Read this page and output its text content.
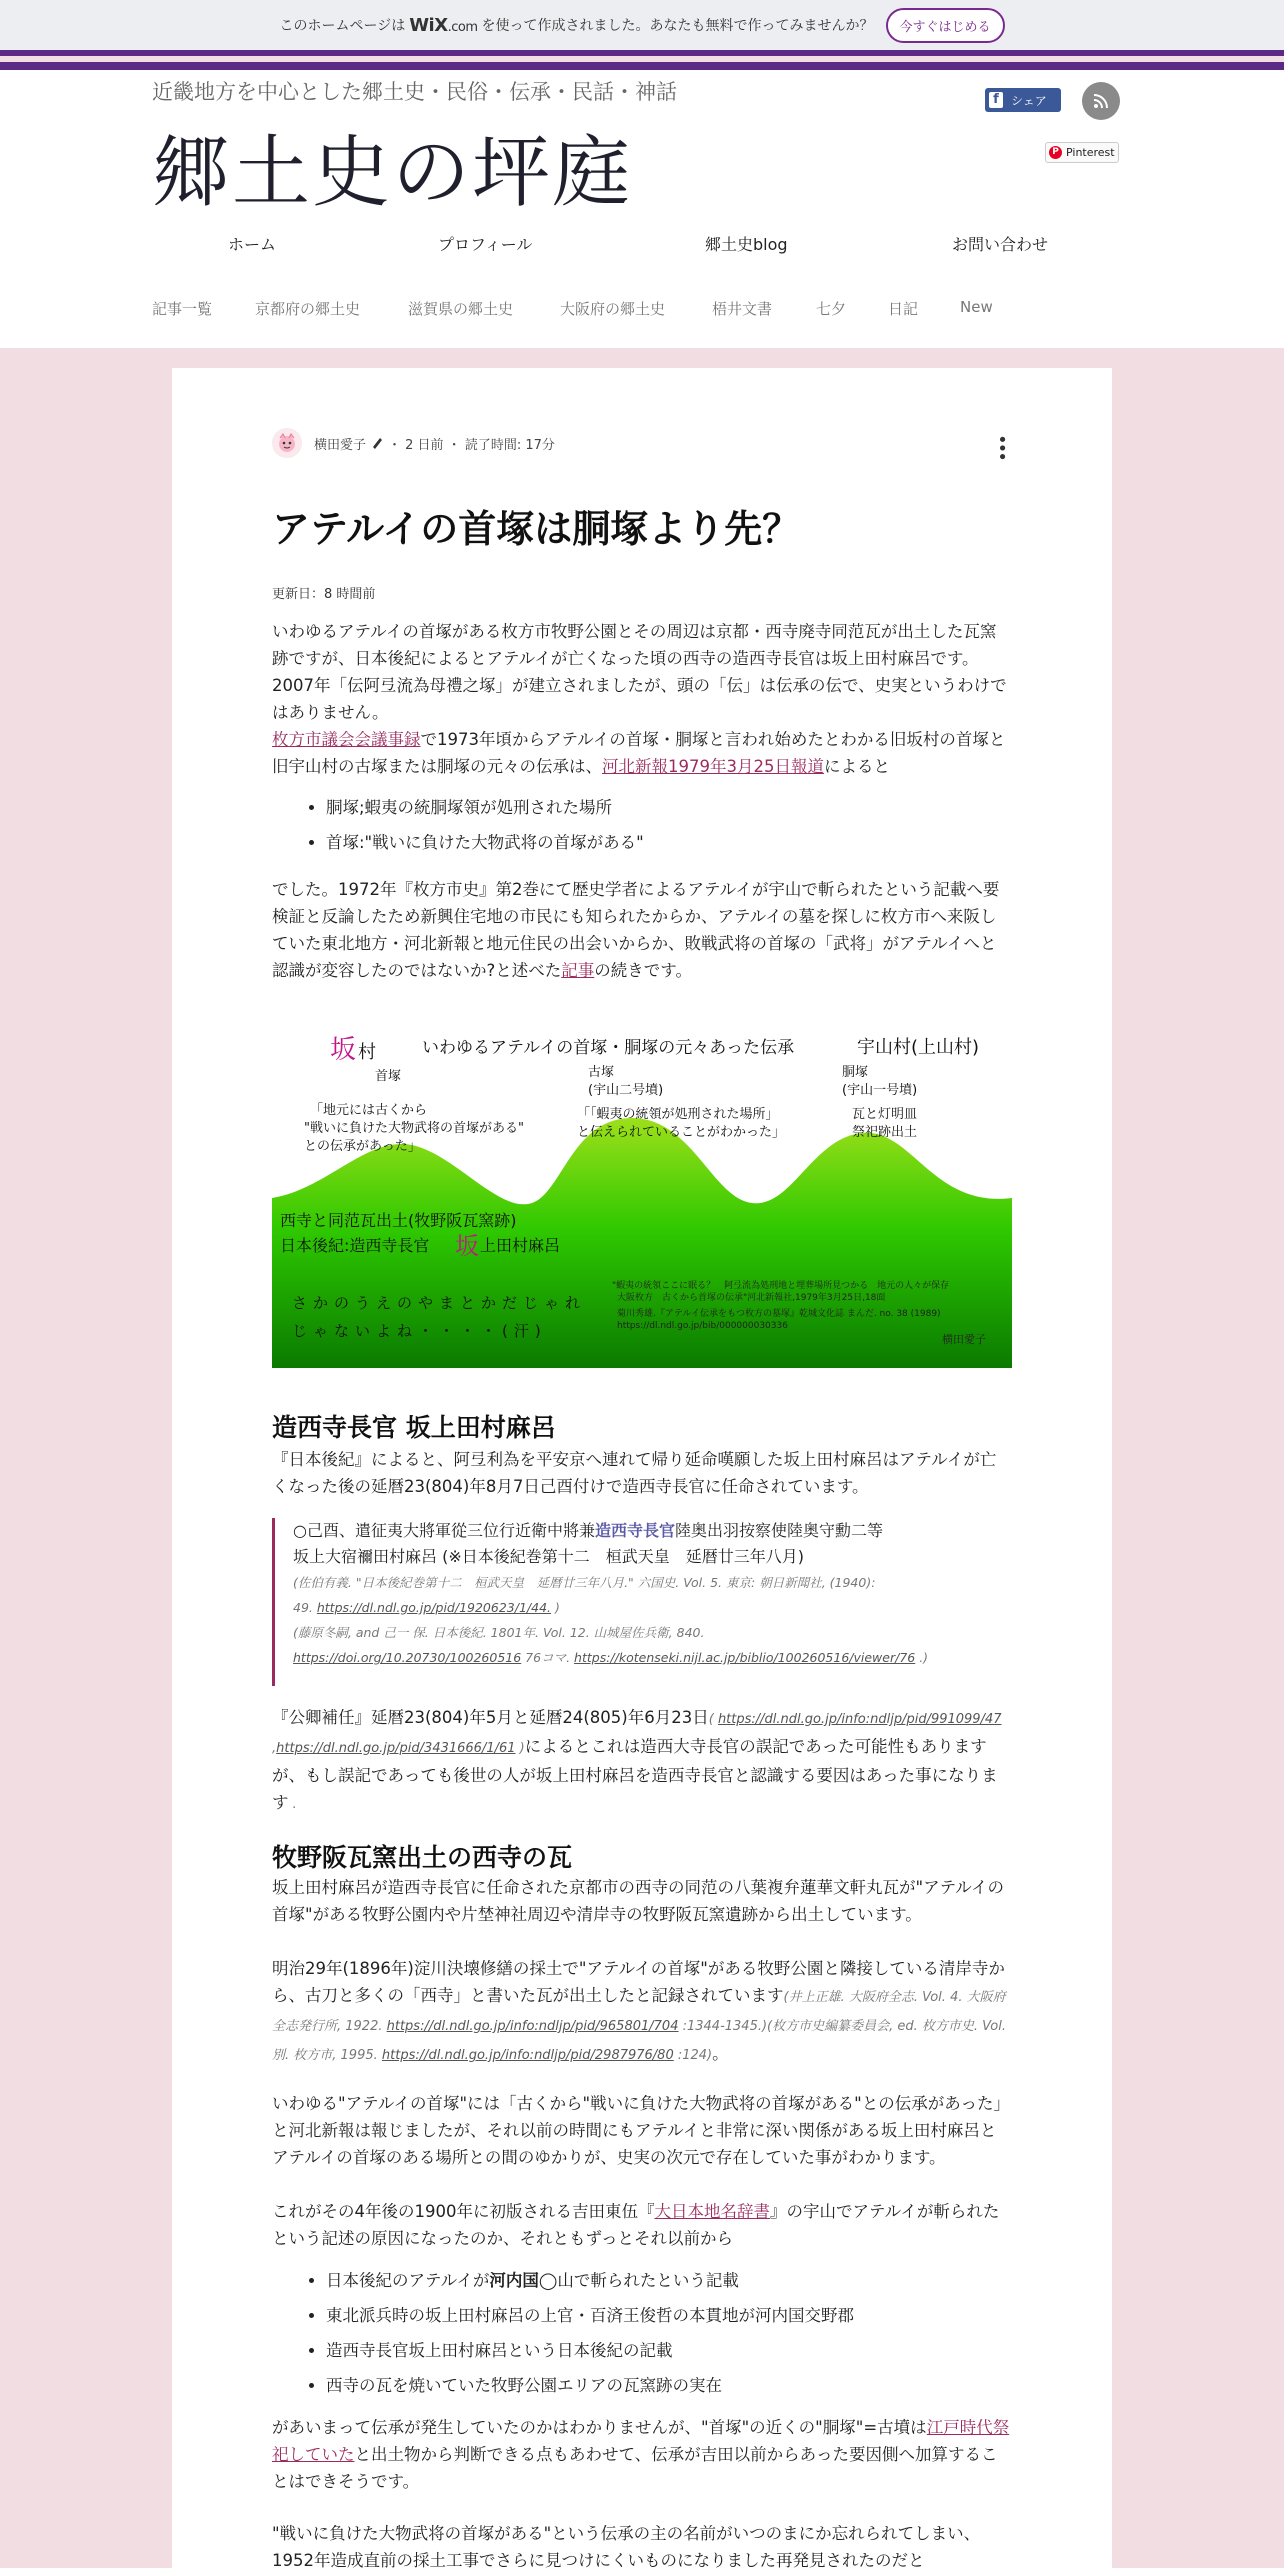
このホームページは WiX.com を使って作成されました。あなたも無料で作ってみませんか？	今すぐはじめる
近畿地方を中心とした郷土史・民俗・伝承・民話・神話
郷土史の坪庭
f	シェア
P Pinterest
ホーム	プロフィール	郷土史blog	お問い合わせ
記事一覧	京都府の郷土史	滋賀県の郷土史	大阪府の郷土史	梧井文書	七夕	日記	New
横田愛子 ・ 2 日前 ・ 読了時間: 17分	•••
アテルイの首塚は胴塚より先？
更新日：8 時間前

いわゆるアテルイの首塚がある枚方市牧野公園とその周辺は京都・西寺廃寺同范瓦が出土した瓦窯跡ですが、日本後紀によるとアテルイが亡くなった頃の西寺の造西寺長官は坂上田村麻呂です。2007年「伝阿弖流為母禮之塚」が建立されましたが、頭の「伝」は伝承の伝で、史実というわけではありません。

枚方市議会会議事録で1973年頃からアテルイの首塚・胴塚と言われ始めたとわかる旧坂村の首塚と旧宇山村の古塚または胴塚の元々の伝承は、河北新報1979年3月25日報道によると

• 胴塚;蝦夷の統胴塚領が処刑された場所
• 首塚:"戦いに負けた大物武将の首塚がある"

でした。1972年『枚方市史』第2巻にて歴史学者によるアテルイが宇山で斬られたという記載へ要検証と反論したため新興住宅地の市民にも知られたからか、アテルイの墓を探しに枚方市へ来阪していた東北地方・河北新報と地元住民の出会いからか、敗戦武将の首塚の「武将」がアテルイへと認識が変容したのではないか?と述べた記事の続きです。

坂 村	いわゆるアテルイの首塚・胴塚の元々あった伝承	宇山村(上山村)
首塚	古塚
(宇山二号墳)
胴塚
(宇山一号墳)
「地元には古くから
"戦いに負けた大物武将の首塚がある"
との伝承があった」
「「蝦夷の統領が処刑された場所」
と伝えられていることがわかった」
瓦と灯明皿
祭祀跡出土
西寺と同范瓦出土(牧野阪瓦窯跡)
日本後紀:造西寺長官 坂 上田村麻呂
さかのうえのやまとかだじゃれ
じゃないよね・・・・(汗)
"蝦夷の統領ここに眠る？　阿弖流為処刑地と埋葬場所見つかる　地元の人々が保存
大阪枚方　古くから首塚の伝承"河北新報社,1979年3月25日,18面
菊川秀雄.『アテルイ伝承をもつ枚方の墓塚』乾城文化誌 まんだ. no. 38 (1989)
https://dl.ndl.go.jp/bib/000000030336
横田愛子
造西寺長官 坂上田村麻呂

『日本後紀』によると、阿弖利為を平安京へ連れて帰り延命嘆願した坂上田村麻呂はアテルイが亡くなった後の延暦23(804)年8月7日己酉付けで造西寺長官に任命されています。

○己酉、遣征夷大將軍從三位行近衛中將兼造西寺長官陸奥出羽按察使陸奥守勳二等
坂上大宿禰田村麻呂 (※日本後紀巻第十二　桓武天皇　延暦廿三年八月)
(佐伯有義. "日本後紀巻第十二　桓武天皇　延暦廿三年八月." 六国史. Vol. 5. 東京: 朝日新聞社, (1940):
49. https://dl.ndl.go.jp/pid/1920623/1/44. )
(藤原冬嗣, and 己一 保. 日本後紀. 1801年. Vol. 12. 山城屋佐兵衛, 840.
https://doi.org/10.20730/100260516 76コマ. https://kotenseki.nijl.ac.jp/biblio/100260516/viewer/76 .)

『公卿補任』延暦23(804)年5月と延暦24(805)年6月23日( https://dl.ndl.go.jp/info:ndljp/pid/991099/47 ,https://dl.ndl.go.jp/pid/3431666/1/61 )によるとこれは造西大寺長官の誤記であった可能性もありますが、もし誤記であっても後世の人が坂上田村麻呂を造西寺長官と認識する要因はあった事になります .

牧野阪瓦窯出土の西寺の瓦

坂上田村麻呂が造西寺長官に任命された京都市の西寺の同范の八葉複弁蓮華文軒丸瓦が"アテルイの首塚"がある牧野公園内や片埜神社周辺や清岸寺の牧野阪瓦窯遺跡から出土しています。

明治29年(1896年)淀川決壊修繕の採土で"アテルイの首塚"がある牧野公園と隣接している清岸寺から、古刀と多くの「西寺」と書いた瓦が出土したと記録されています(井上正雄. 大阪府全志. Vol. 4. 大阪府全志発行所, 1922. https://dl.ndl.go.jp/info:ndljp/pid/965801/704 :1344-1345.)(枚方市史編纂委員会, ed. 枚方市史. Vol. 別. 枚方市, 1995. https://dl.ndl.go.jp/info:ndljp/pid/2987976/80 :124)。

いわゆる"アテルイの首塚"には「古くから"戦いに負けた大物武将の首塚がある"との伝承があった」と河北新報は報じましたが、それ以前の時間にもアテルイと非常に深い関係がある坂上田村麻呂とアテルイの首塚のある場所との間のゆかりが、史実の次元で存在していた事がわかります。

これがその4年後の1900年に初版される吉田東伍『大日本地名辞書』の宇山でアテルイが斬られたという記述の原因になったのか、それともずっとそれ以前から

• 日本後紀のアテルイが河内国◯山で斬られたという記載
• 東北派兵時の坂上田村麻呂の上官・百済王俊哲の本貫地が河内国交野郡
• 造西寺長官坂上田村麻呂という日本後紀の記載
• 西寺の瓦を焼いていた牧野公園エリアの瓦窯跡の実在

があいまって伝承が発生していたのかはわかりませんが、"首塚"の近くの"胴塚"=古墳は江戸時代祭祀していたと出土物から判断できる点もあわせて、伝承が吉田以前からあった要因側へ加算することはできそうです。

"戦いに負けた大物武将の首塚がある"という伝承の主の名前がいつのまにか忘れられてしまい、1952年造成直前の採土工事でさらに見つけにくいものになりました再発見されたのだと
